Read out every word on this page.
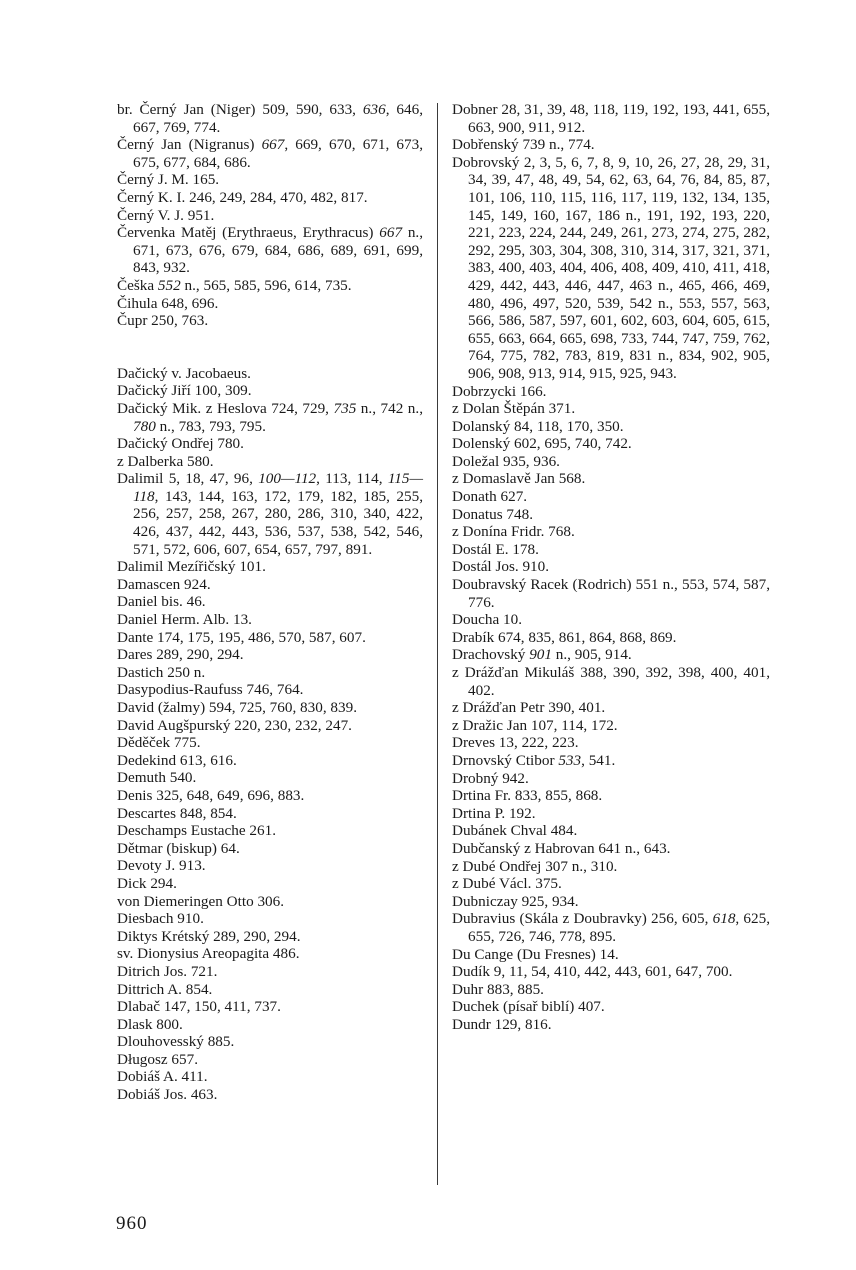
br. Černý Jan (Niger) 509, 590, 633, 636, 646, 667, 769, 774.

Černý Jan (Nigranus) 667, 669, 670, 671, 673, 675, 677, 684, 686.

Černý J. M. 165.

Černý K. I. 246, 249, 284, 470, 482, 817.

Černý V. J. 951.

Červenka Matěj (Erythraeus, Erythracus) 667 n., 671, 673, 676, 679, 684, 686, 689, 691, 699, 843, 932.

Češka 552 n., 565, 585, 596, 614, 735.

Čihula 648, 696.

Čupr 250, 763.

Dačický v. Jacobaeus.

Dačický Jiří 100, 309.

Dačický Mik. z Heslova 724, 729, 735 n., 742 n., 780 n., 783, 793, 795.

Dačický Ondřej 780.

z Dalberka 580.

Dalimil 5, 18, 47, 96, 100—112, 113, 114, 115—118, 143, 144, 163, 172, 179, 182, 185, 255, 256, 257, 258, 267, 280, 286, 310, 340, 422, 426, 437, 442, 443, 536, 537, 538, 542, 546, 571, 572, 606, 607, 654, 657, 797, 891.

Dalimil Mezířičský 101.

Damascen 924.

Daniel bis. 46.

Daniel Herm. Alb. 13.

Dante 174, 175, 195, 486, 570, 587, 607.

Dares 289, 290, 294.

Dastich 250 n.

Dasypodius-Raufuss 746, 764.

David (žalmy) 594, 725, 760, 830, 839.

David Augšpurský 220, 230, 232, 247.

Děděček 775.

Dedekind 613, 616.

Demuth 540.

Denis 325, 648, 649, 696, 883.

Descartes 848, 854.

Deschamps Eustache 261.

Dětmar (biskup) 64.

Devoty J. 913.

Dick 294.

von Diemeringen Otto 306.

Diesbach 910.

Diktys Krétský 289, 290, 294.

sv. Dionysius Areopagita 486.

Ditrich Jos. 721.

Dittrich A. 854.

Dlabač 147, 150, 411, 737.

Dlask 800.

Dlouhovesský 885.

Długosz 657.

Dobiáš A. 411.

Dobiáš Jos. 463.

Dobner 28, 31, 39, 48, 118, 119, 192, 193, 441, 655, 663, 900, 911, 912.

Dobřenský 739 n., 774.

Dobrovský 2, 3, 5, 6, 7, 8, 9, 10, 26, 27, 28, 29, 31, 34, 39, 47, 48, 49, 54, 62, 63, 64, 76, 84, 85, 87, 101, 106, 110, 115, 116, 117, 119, 132, 134, 135, 145, 149, 160, 167, 186 n., 191, 192, 193, 220, 221, 223, 224, 244, 249, 261, 273, 274, 275, 282, 292, 295, 303, 304, 308, 310, 314, 317, 321, 371, 383, 400, 403, 404, 406, 408, 409, 410, 411, 418, 429, 442, 443, 446, 447, 463 n., 465, 466, 469, 480, 496, 497, 520, 539, 542 n., 553, 557, 563, 566, 586, 587, 597, 601, 602, 603, 604, 605, 615, 655, 663, 664, 665, 698, 733, 744, 747, 759, 762, 764, 775, 782, 783, 819, 831 n., 834, 902, 905, 906, 908, 913, 914, 915, 925, 943.

Dobrzycki 166.

z Dolan Štěpán 371.

Dolanský 84, 118, 170, 350.

Dolenský 602, 695, 740, 742.

Doležal 935, 936.

z Domaslavě Jan 568.

Donath 627.

Donatus 748.

z Donína Fridr. 768.

Dostál E. 178.

Dostál Jos. 910.

Doubravský Racek (Rodrich) 551 n., 553, 574, 587, 776.

Doucha 10.

Drabík 674, 835, 861, 864, 868, 869.

Drachovský 901 n., 905, 914.

z Drážďan Mikuláš 388, 390, 392, 398, 400, 401, 402.

z Drážďan Petr 390, 401.

z Dražic Jan 107, 114, 172.

Dreves 13, 222, 223.

Drnovský Ctibor 533, 541.

Drobný 942.

Drtina Fr. 833, 855, 868.

Drtina P. 192.

Dubánek Chval 484.

Dubčanský z Habrovan 641 n., 643.

z Dubé Ondřej 307 n., 310.

z Dubé Václ. 375.

Dubniczay 925, 934.

Dubravius (Skála z Doubravky) 256, 605, 618, 625, 655, 726, 746, 778, 895.

Du Cange (Du Fresnes) 14.

Dudík 9, 11, 54, 410, 442, 443, 601, 647, 700.

Duhr 883, 885.

Duchek (písař biblí) 407.

Dundr 129, 816.

960
